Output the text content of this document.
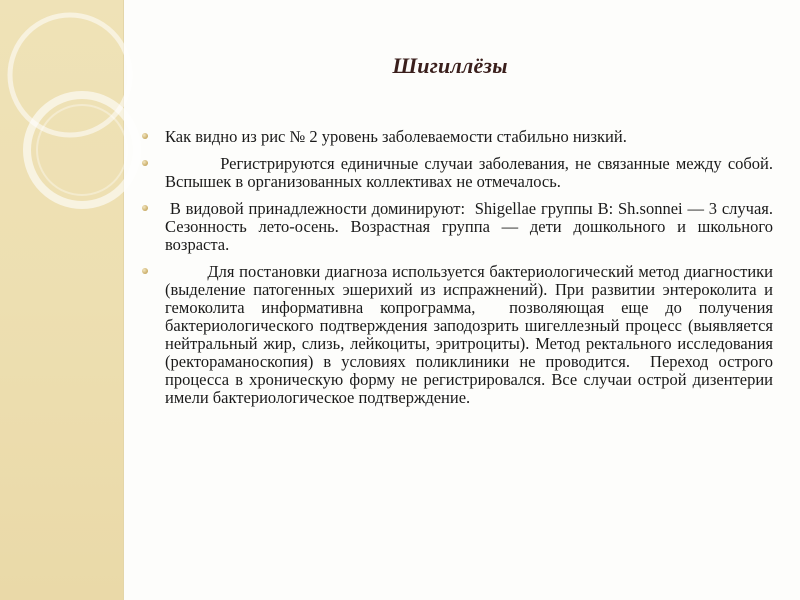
Шигиллёзы
Как видно из рис № 2 уровень заболеваемости стабильно низкий.
Регистрируются единичные случаи заболевания, не связанные между собой. Вспышек в организованных коллективах не отмечалось.
В видовой принадлежности доминируют:  Shigellae группы В: Sh.sonnei — 3 случая. Сезонность лето-осень. Возрастная группа — дети дошкольного и школьного возраста.
Для постановки диагноза используется бактериологический метод диагностики (выделение патогенных эшерихий из испражнений). При развитии энтероколита и гемоколита информативна копрограмма,  позволяющая еще до получения бактериологического подтверждения заподозрить шигеллезный процесс (выявляется нейтральный жир, слизь, лейкоциты, эритроциты). Метод ректального исследования (ректораманоскопия) в условиях поликлиники не проводится.  Переход острого процесса в хроническую форму не регистрировался. Все случаи острой дизентерии имели бактериологическое подтверждение.
